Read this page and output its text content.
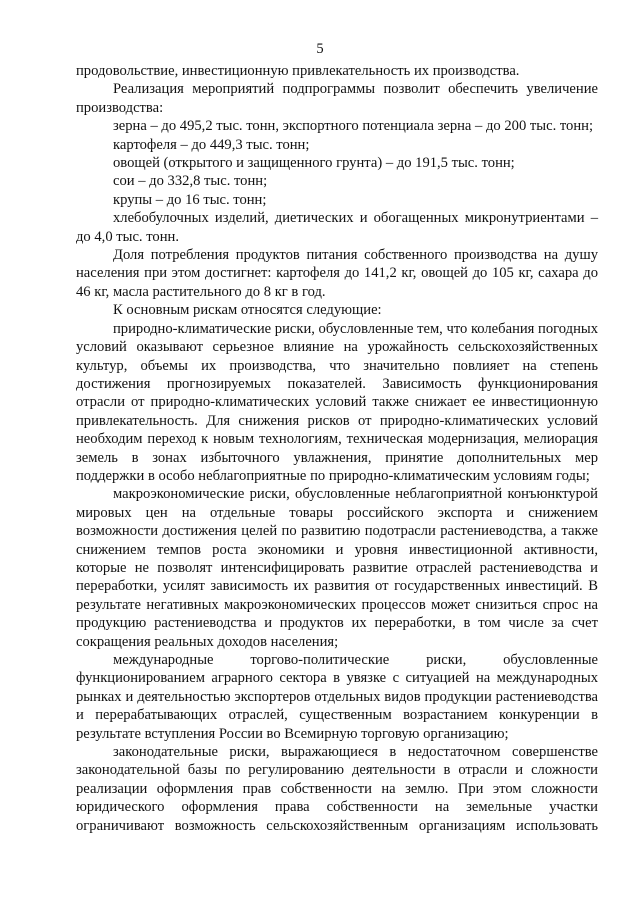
5

продовольствие, инвестиционную привлекательность их производства.

Реализация мероприятий подпрограммы позволит обеспечить увеличение производства:

зерна – до 495,2 тыс. тонн, экспортного потенциала зерна – до 200 тыс. тонн;

картофеля – до 449,3 тыс. тонн;

овощей (открытого и защищенного грунта) – до 191,5 тыс. тонн;

сои – до 332,8 тыс. тонн;

крупы – до 16 тыс. тонн;

хлебобулочных изделий, диетических и обогащенных микронутриентами – до 4,0 тыс. тонн.

Доля потребления продуктов питания собственного производства на душу населения при этом достигнет: картофеля до 141,2 кг, овощей до 105 кг, сахара до 46 кг, масла растительного до 8 кг в год.

К основным рискам относятся следующие:

природно-климатические риски, обусловленные тем, что колебания погодных условий оказывают серьезное влияние на урожайность сельскохозяйственных культур, объемы их производства, что значительно повлияет на степень достижения прогнозируемых показателей. Зависимость функционирования отрасли от природно-климатических условий также снижает ее инвестиционную привлекательность. Для снижения рисков от природно-климатических условий необходим переход к новым технологиям, техническая модернизация, мелиорация земель в зонах избыточного увлажнения, принятие дополнительных мер поддержки в особо неблагоприятные по природно-климатическим условиям годы;

макроэкономические риски, обусловленные неблагоприятной конъюнктурой мировых цен на отдельные товары российского экспорта и снижением возможности достижения целей по развитию подотрасли растениеводства, а также снижением темпов роста экономики и уровня инвестиционной активности, которые не позволят интенсифицировать развитие отраслей растениеводства и переработки, усилят зависимость их развития от государственных инвестиций. В результате негативных макроэкономических процессов может снизиться спрос на продукцию растениеводства и продуктов их переработки, в том числе за счет сокращения реальных доходов населения;

международные торгово-политические риски, обусловленные функционированием аграрного сектора в увязке с ситуацией на международных рынках и деятельностью экспортеров отдельных видов продукции растениеводства и перерабатывающих отраслей, существенным возрастанием конкуренции в результате вступления России во Всемирную торговую организацию;

законодательные риски, выражающиеся в недостаточном совершенстве законодательной базы по регулированию деятельности в отрасли и сложности реализации оформления прав собственности на землю. При этом сложности юридического оформления права собственности на земельные участки ограничивают возможность сельскохозяйственным организациям использовать
